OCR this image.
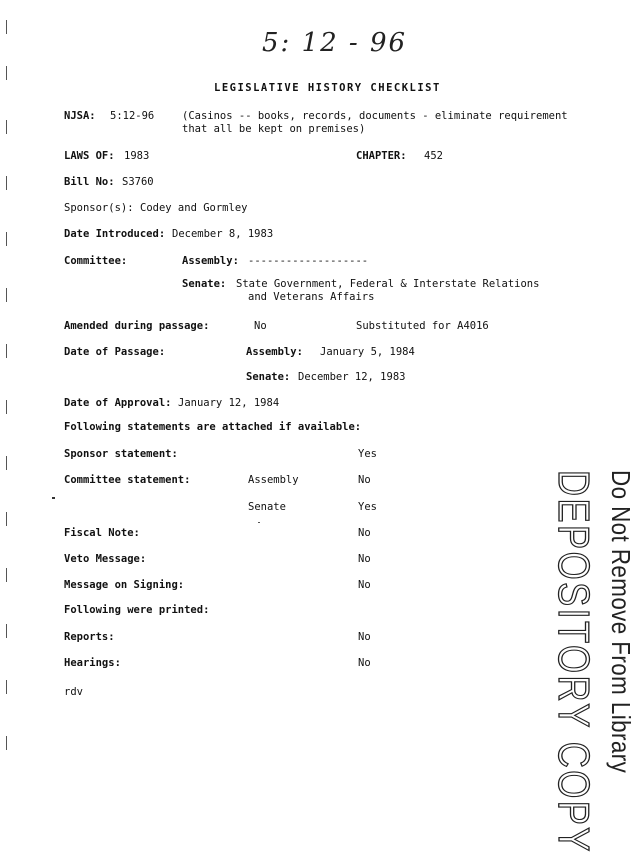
5: 12 - 96
LEGISLATIVE HISTORY CHECKLIST
NJSA: 5:12-96	(Casinos -- books, records, documents - eliminate requirement
that all be kept on premises)
LAWS OF: 1983	CHAPTER: 452
Bill No: S3760
Sponsor(s): Codey and Gormley
Date Introduced: December 8, 1983
Committee:	Assembly: -------------------
Senate: State Government, Federal & Interstate Relations
and Veterans Affairs
Amended during passage:	No	Substituted for A4016
Date of Passage:	Assembly: January 5, 1984
Senate: December 12, 1983
Date of Approval: January 12, 1984
Following statements are attached if available:
Sponsor statement:	Yes
Committee statement:	Assembly	No
Senate	Yes
Fiscal Note:	No
Veto Message:	No
Message on Signing:	No
Following were printed:
Reports:	No
Hearings:	No
rdv	Do Not Remove From Library
DEPOSITORY COPY
